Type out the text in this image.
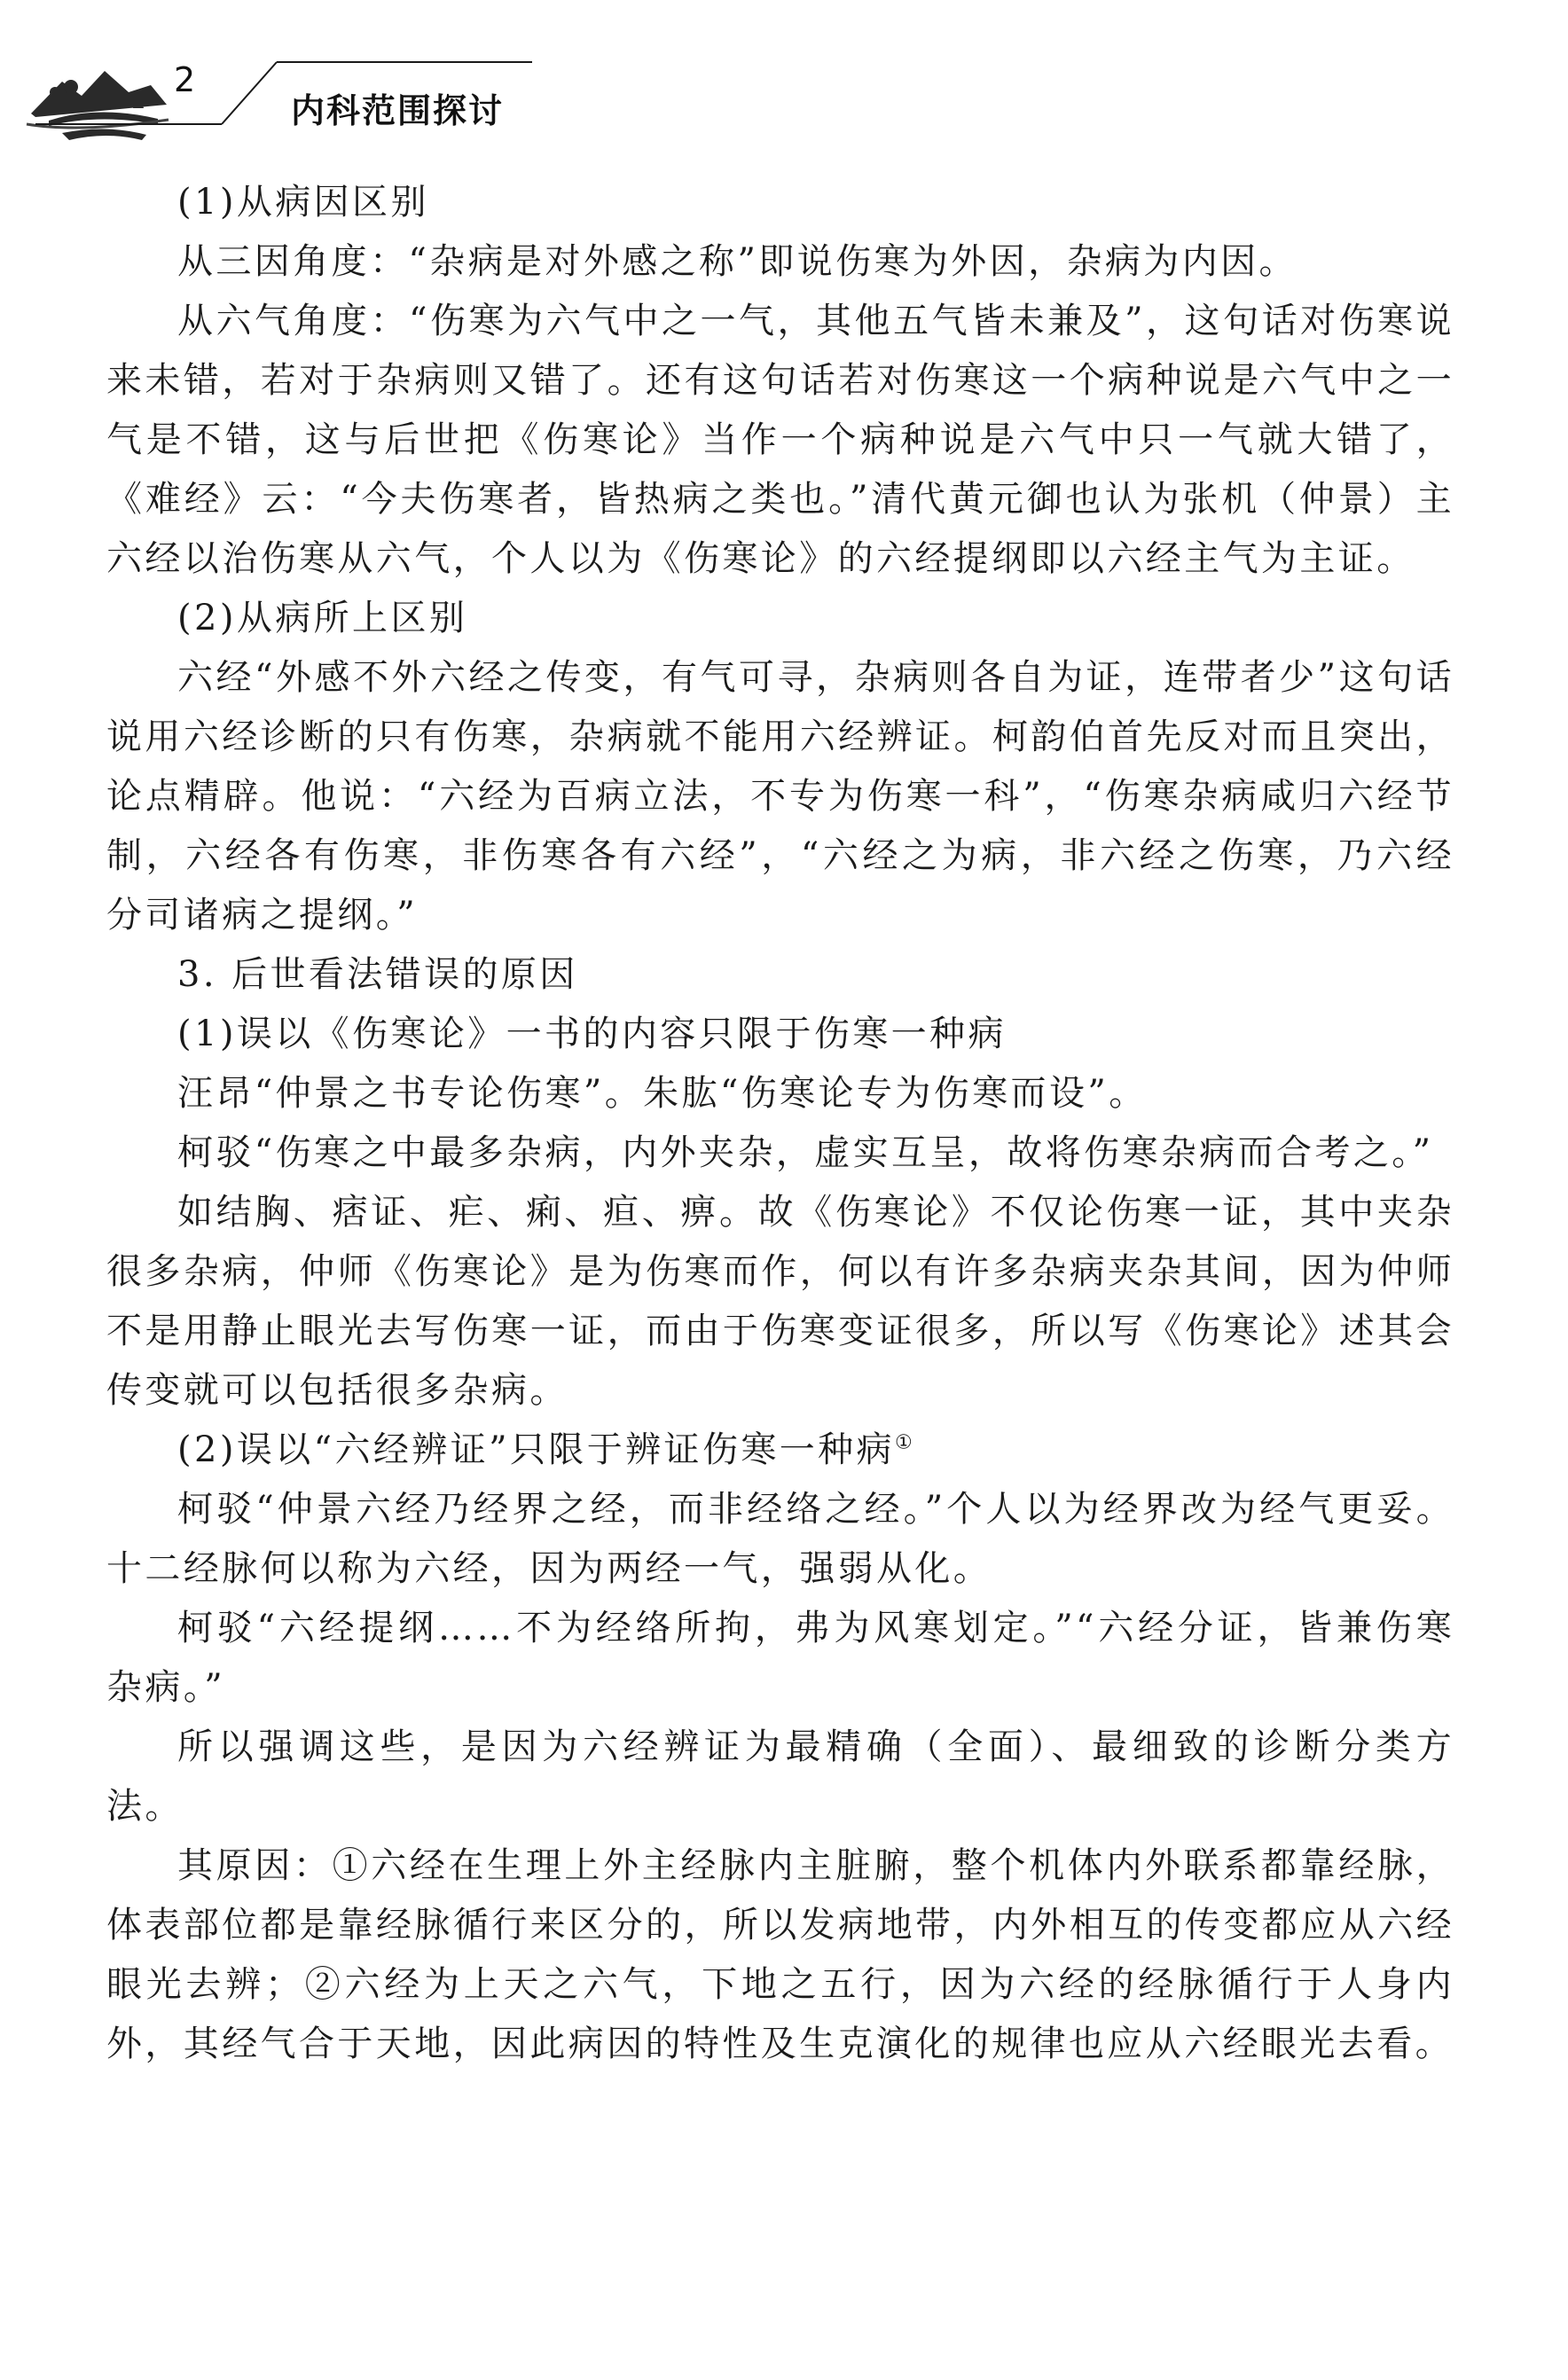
2
内科范围探讨

(1)从病因区别

从三因角度：“杂病是对外感之称”即说伤寒为外因，杂病为内因。

从六气角度：“伤寒为六气中之一气，其他五气皆未兼及”，这句话对伤寒说来未错，若对于杂病则又错了。还有这句话若对伤寒这一个病种说是六气中之一气是不错，这与后世把《伤寒论》当作一个病种说是六气中只一气就大错了，《难经》云：“今夫伤寒者，皆热病之类也。”清代黄元御也认为张机（仲景）主六经以治伤寒从六气，个人以为《伤寒论》的六经提纲即以六经主气为主证。

(2)从病所上区别

六经“外感不外六经之传变，有气可寻，杂病则各自为证，连带者少”这句话说用六经诊断的只有伤寒，杂病就不能用六经辨证。柯韵伯首先反对而且突出，论点精辟。他说：“六经为百病立法，不专为伤寒一科”，“伤寒杂病咸归六经节制，六经各有伤寒，非伤寒各有六经”，“六经之为病，非六经之伤寒，乃六经分司诸病之提纲。”

3. 后世看法错误的原因

(1)误以《伤寒论》一书的内容只限于伤寒一种病

汪昂“仲景之书专论伤寒”。朱肱“伤寒论专为伤寒而设”。

柯驳“伤寒之中最多杂病，内外夹杂，虚实互呈，故将伤寒杂病而合考之。”

如结胸、痞证、疟、痢、疸、痹。故《伤寒论》不仅论伤寒一证，其中夹杂很多杂病，仲师《伤寒论》是为伤寒而作，何以有许多杂病夹杂其间，因为仲师不是用静止眼光去写伤寒一证，而由于伤寒变证很多，所以写《伤寒论》述其会传变就可以包括很多杂病。

(2)误以“六经辨证”只限于辨证伤寒一种病①

柯驳“仲景六经乃经界之经，而非经络之经。”个人以为经界改为经气更妥。十二经脉何以称为六经，因为两经一气，强弱从化。

柯驳“六经提纲……不为经络所拘，弗为风寒划定。”“六经分证，皆兼伤寒杂病。”

所以强调这些，是因为六经辨证为最精确（全面）、最细致的诊断分类方法。

其原因：①六经在生理上外主经脉内主脏腑，整个机体内外联系都靠经脉，体表部位都是靠经脉循行来区分的，所以发病地带，内外相互的传变都应从六经眼光去辨；②六经为上天之六气，下地之五行，因为六经的经脉循行于人身内外，其经气合于天地，因此病因的特性及生克演化的规律也应从六经眼光去看。
